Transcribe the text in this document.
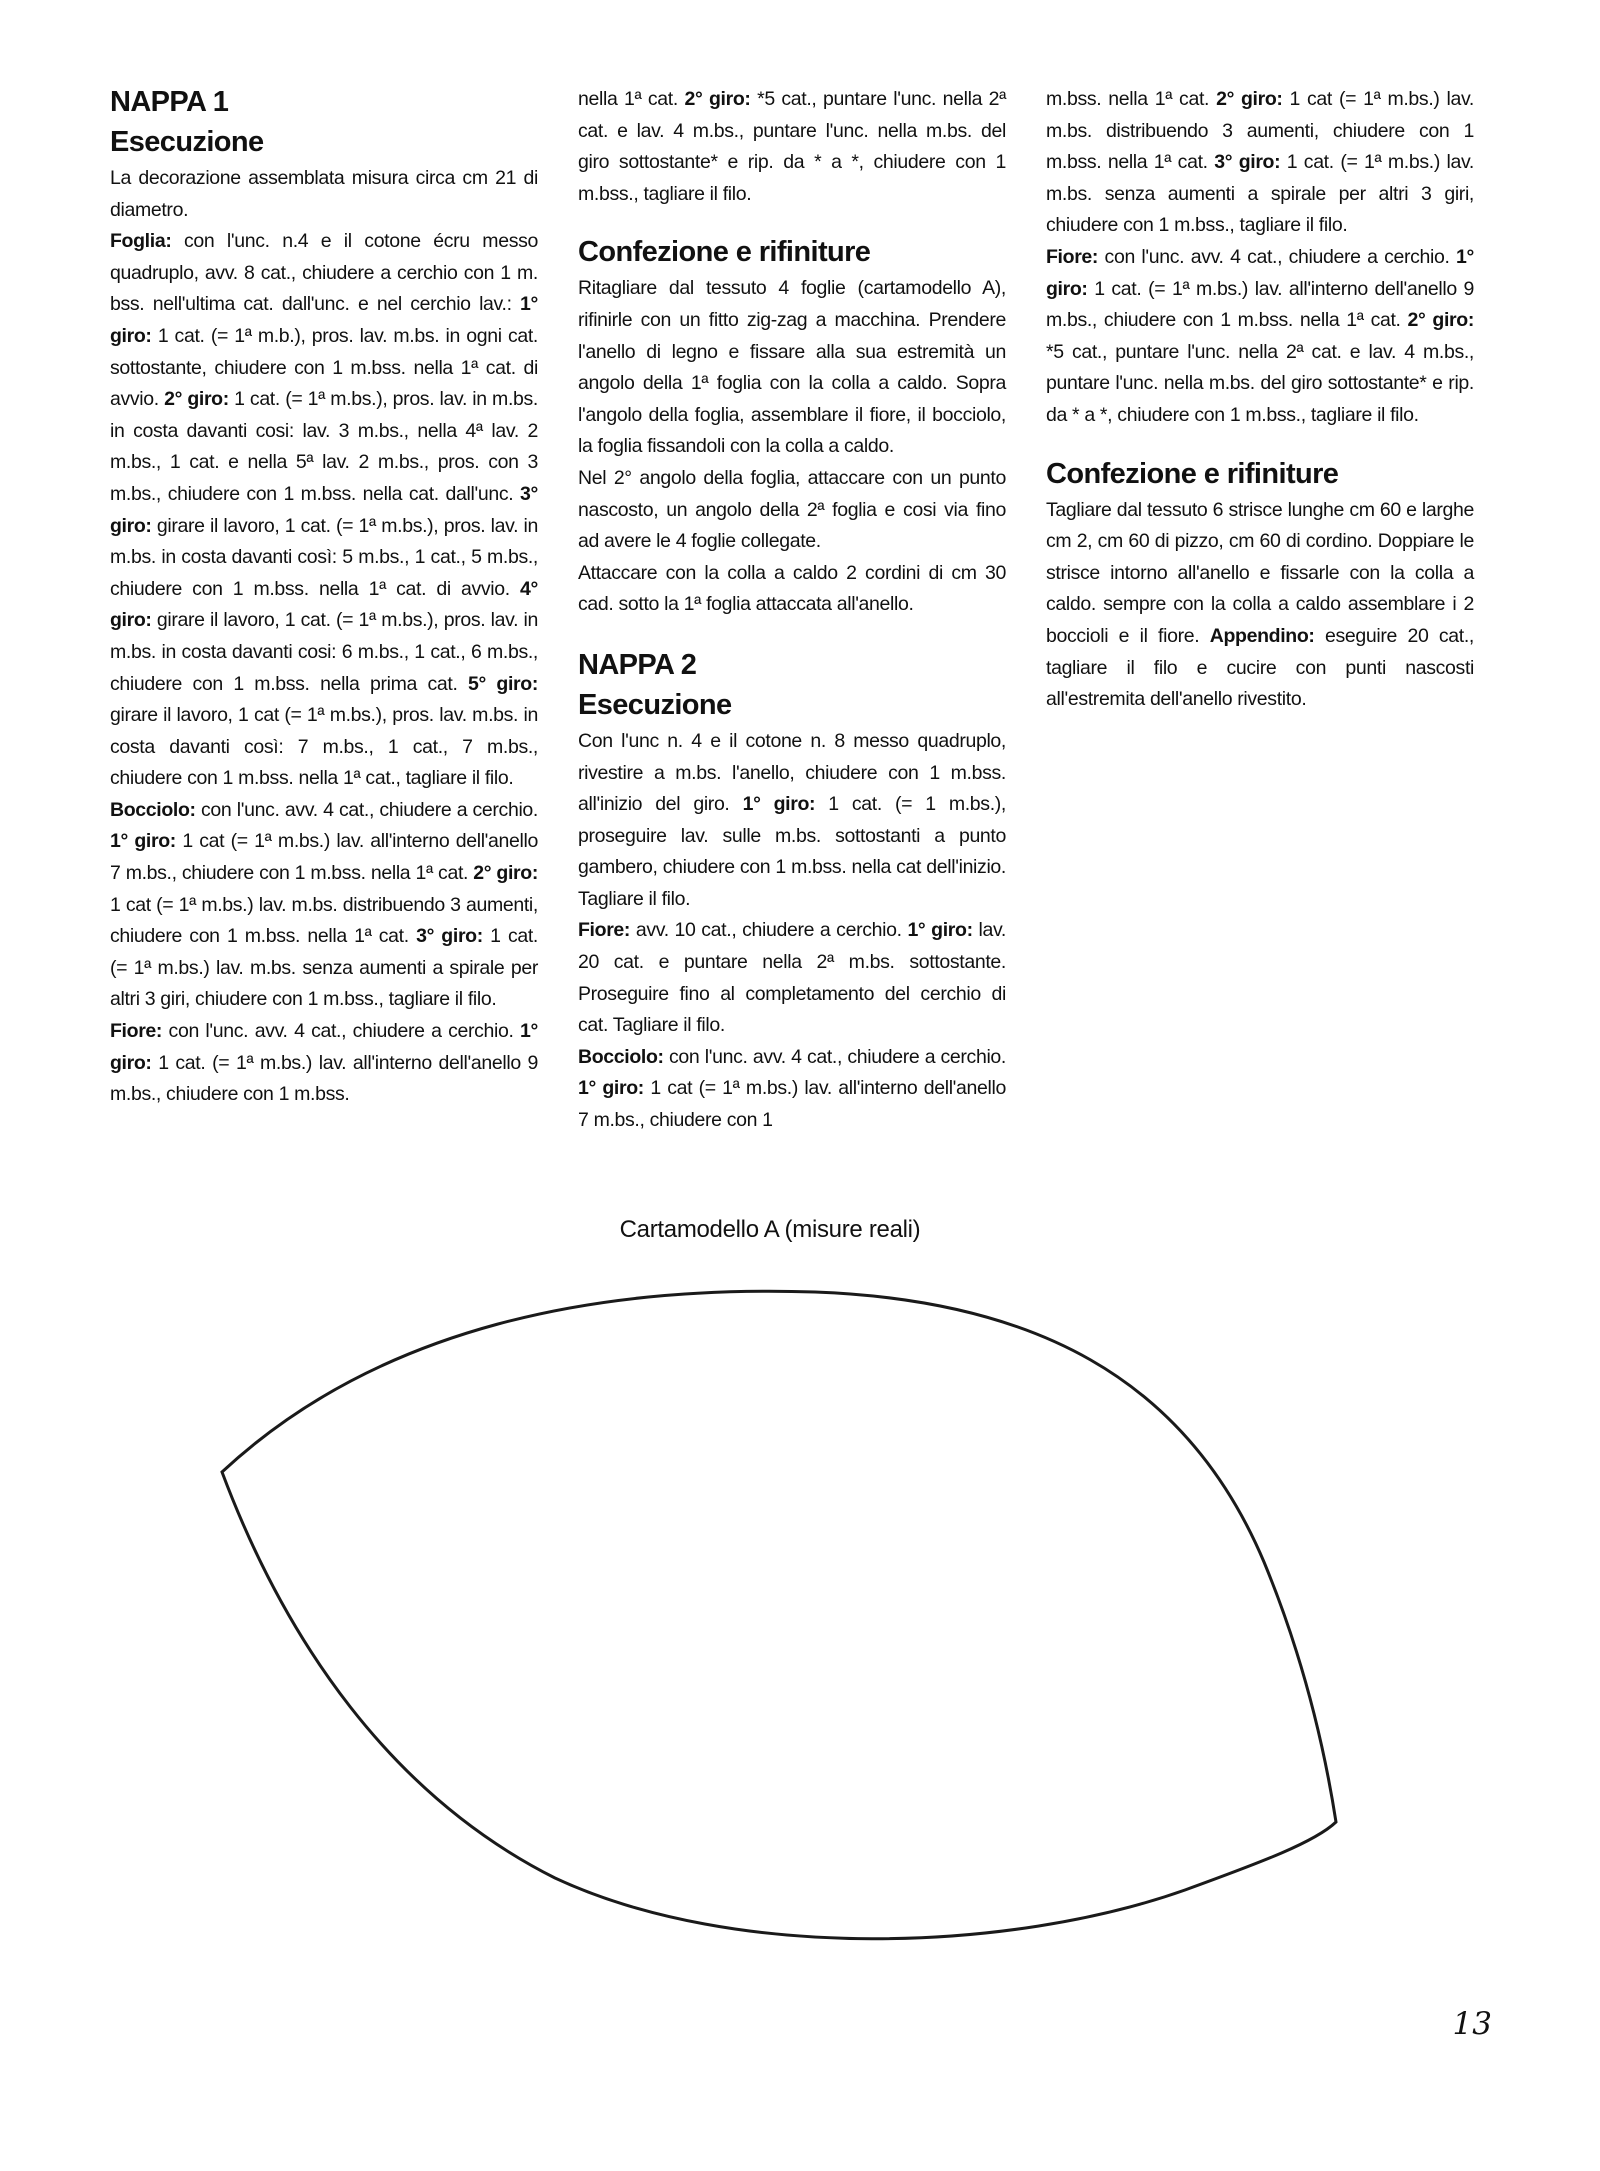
NAPPA 1
Esecuzione

La decorazione assemblata misura circa cm 21 di diametro.

Foglia: con l'unc. n.4 e il cotone écru messo quadruplo, avv. 8 cat., chiudere a cerchio con 1 m. bss. nell'ultima cat. dall'unc. e nel cerchio lav.: 1° giro: 1 cat. (= 1ª m.b.), pros. lav. m.bs. in ogni cat. sottostante, chiudere con 1 m.bss. nella 1ª cat. di avvio. 2° giro: 1 cat. (= 1ª m.bs.), pros. lav. in m.bs. in costa davanti cosi: lav. 3 m.bs., nella 4ª lav. 2 m.bs., 1 cat. e nella 5ª lav. 2 m.bs., pros. con 3 m.bs., chiudere con 1 m.bss. nella cat. dall'unc. 3° giro: girare il lavoro, 1 cat. (= 1ª m.bs.), pros. lav. in m.bs. in costa davanti così: 5 m.bs., 1 cat., 5 m.bs., chiudere con 1 m.bss. nella 1ª cat. di avvio. 4° giro: girare il lavoro, 1 cat. (= 1ª m.bs.), pros. lav. in m.bs. in costa davanti cosi: 6 m.bs., 1 cat., 6 m.bs., chiudere con 1 m.bss. nella prima cat. 5° giro: girare il lavoro, 1 cat (= 1ª m.bs.), pros. lav. m.bs. in costa davanti così: 7 m.bs., 1 cat., 7 m.bs., chiudere con 1 m.bss. nella 1ª cat., tagliare il filo.

Bocciolo: con l'unc. avv. 4 cat., chiudere a cerchio. 1° giro: 1 cat (= 1ª m.bs.) lav. all'interno dell'anello 7 m.bs., chiudere con 1 m.bss. nella 1ª cat. 2° giro: 1 cat (= 1ª m.bs.) lav. m.bs. distribuendo 3 aumenti, chiudere con 1 m.bss. nella 1ª cat. 3° giro: 1 cat. (= 1ª m.bs.) lav. m.bs. senza aumenti a spirale per altri 3 giri, chiudere con 1 m.bss., tagliare il filo.

Fiore: con l'unc. avv. 4 cat., chiudere a cerchio. 1° giro: 1 cat. (= 1ª m.bs.) lav. all'interno dell'anello 9 m.bs., chiudere con 1 m.bss.

nella 1ª cat. 2° giro: *5 cat., puntare l'unc. nella 2ª cat. e lav. 4 m.bs., puntare l'unc. nella m.bs. del giro sottostante* e rip. da * a *, chiudere con 1 m.bss., tagliare il filo.

Confezione e rifiniture

Ritagliare dal tessuto 4 foglie (cartamodello A), rifinirle con un fitto zig-zag a macchina. Prendere l'anello di legno e fissare alla sua estremità un angolo della 1ª foglia con la colla a caldo. Sopra l'angolo della foglia, assemblare il fiore, il bocciolo, la foglia fissandoli con la colla a caldo.

Nel 2° angolo della foglia, attaccare con un punto nascosto, un angolo della 2ª foglia e cosi via fino ad avere le 4 foglie collegate.

Attaccare con la colla a caldo 2 cordini di cm 30 cad. sotto la 1ª foglia attaccata all'anello.

NAPPA 2
Esecuzione

Con l'unc n. 4 e il cotone n. 8 messo quadruplo, rivestire a m.bs. l'anello, chiudere con 1 m.bss. all'inizio del giro. 1° giro: 1 cat. (= 1 m.bs.), proseguire lav. sulle m.bs. sottostanti a punto gambero, chiudere con 1 m.bss. nella cat dell'inizio. Tagliare il filo.

Fiore: avv. 10 cat., chiudere a cerchio. 1° giro: lav. 20 cat. e puntare nella 2ª m.bs. sottostante. Proseguire fino al completamento del cerchio di cat. Tagliare il filo.

Bocciolo: con l'unc. avv. 4 cat., chiudere a cerchio. 1° giro: 1 cat (= 1ª m.bs.) lav. all'interno dell'anello 7 m.bs., chiudere con 1

m.bss. nella 1ª cat. 2° giro: 1 cat (= 1ª m.bs.) lav. m.bs. distribuendo 3 aumenti, chiudere con 1 m.bss. nella 1ª cat. 3° giro: 1 cat. (= 1ª m.bs.) lav. m.bs. senza aumenti a spirale per altri 3 giri, chiudere con 1 m.bss., tagliare il filo.

Fiore: con l'unc. avv. 4 cat., chiudere a cerchio. 1° giro: 1 cat. (= 1ª m.bs.) lav. all'interno dell'anello 9 m.bs., chiudere con 1 m.bss. nella 1ª cat. 2° giro: *5 cat., puntare l'unc. nella 2ª cat. e lav. 4 m.bs., puntare l'unc. nella m.bs. del giro sottostante* e rip. da * a *, chiudere con 1 m.bss., tagliare il filo.

Confezione e rifiniture

Tagliare dal tessuto 6 strisce lunghe cm 60 e larghe cm 2, cm 60 di pizzo, cm 60 di cordino. Doppiare le strisce intorno all'anello e fissarle con la colla a caldo. sempre con la colla a caldo assemblare i 2 boccioli e il fiore. Appendino: eseguire 20 cat., tagliare il filo e cucire con punti nascosti all'estremita dell'anello rivestito.

Cartamodello A (misure reali)
13
